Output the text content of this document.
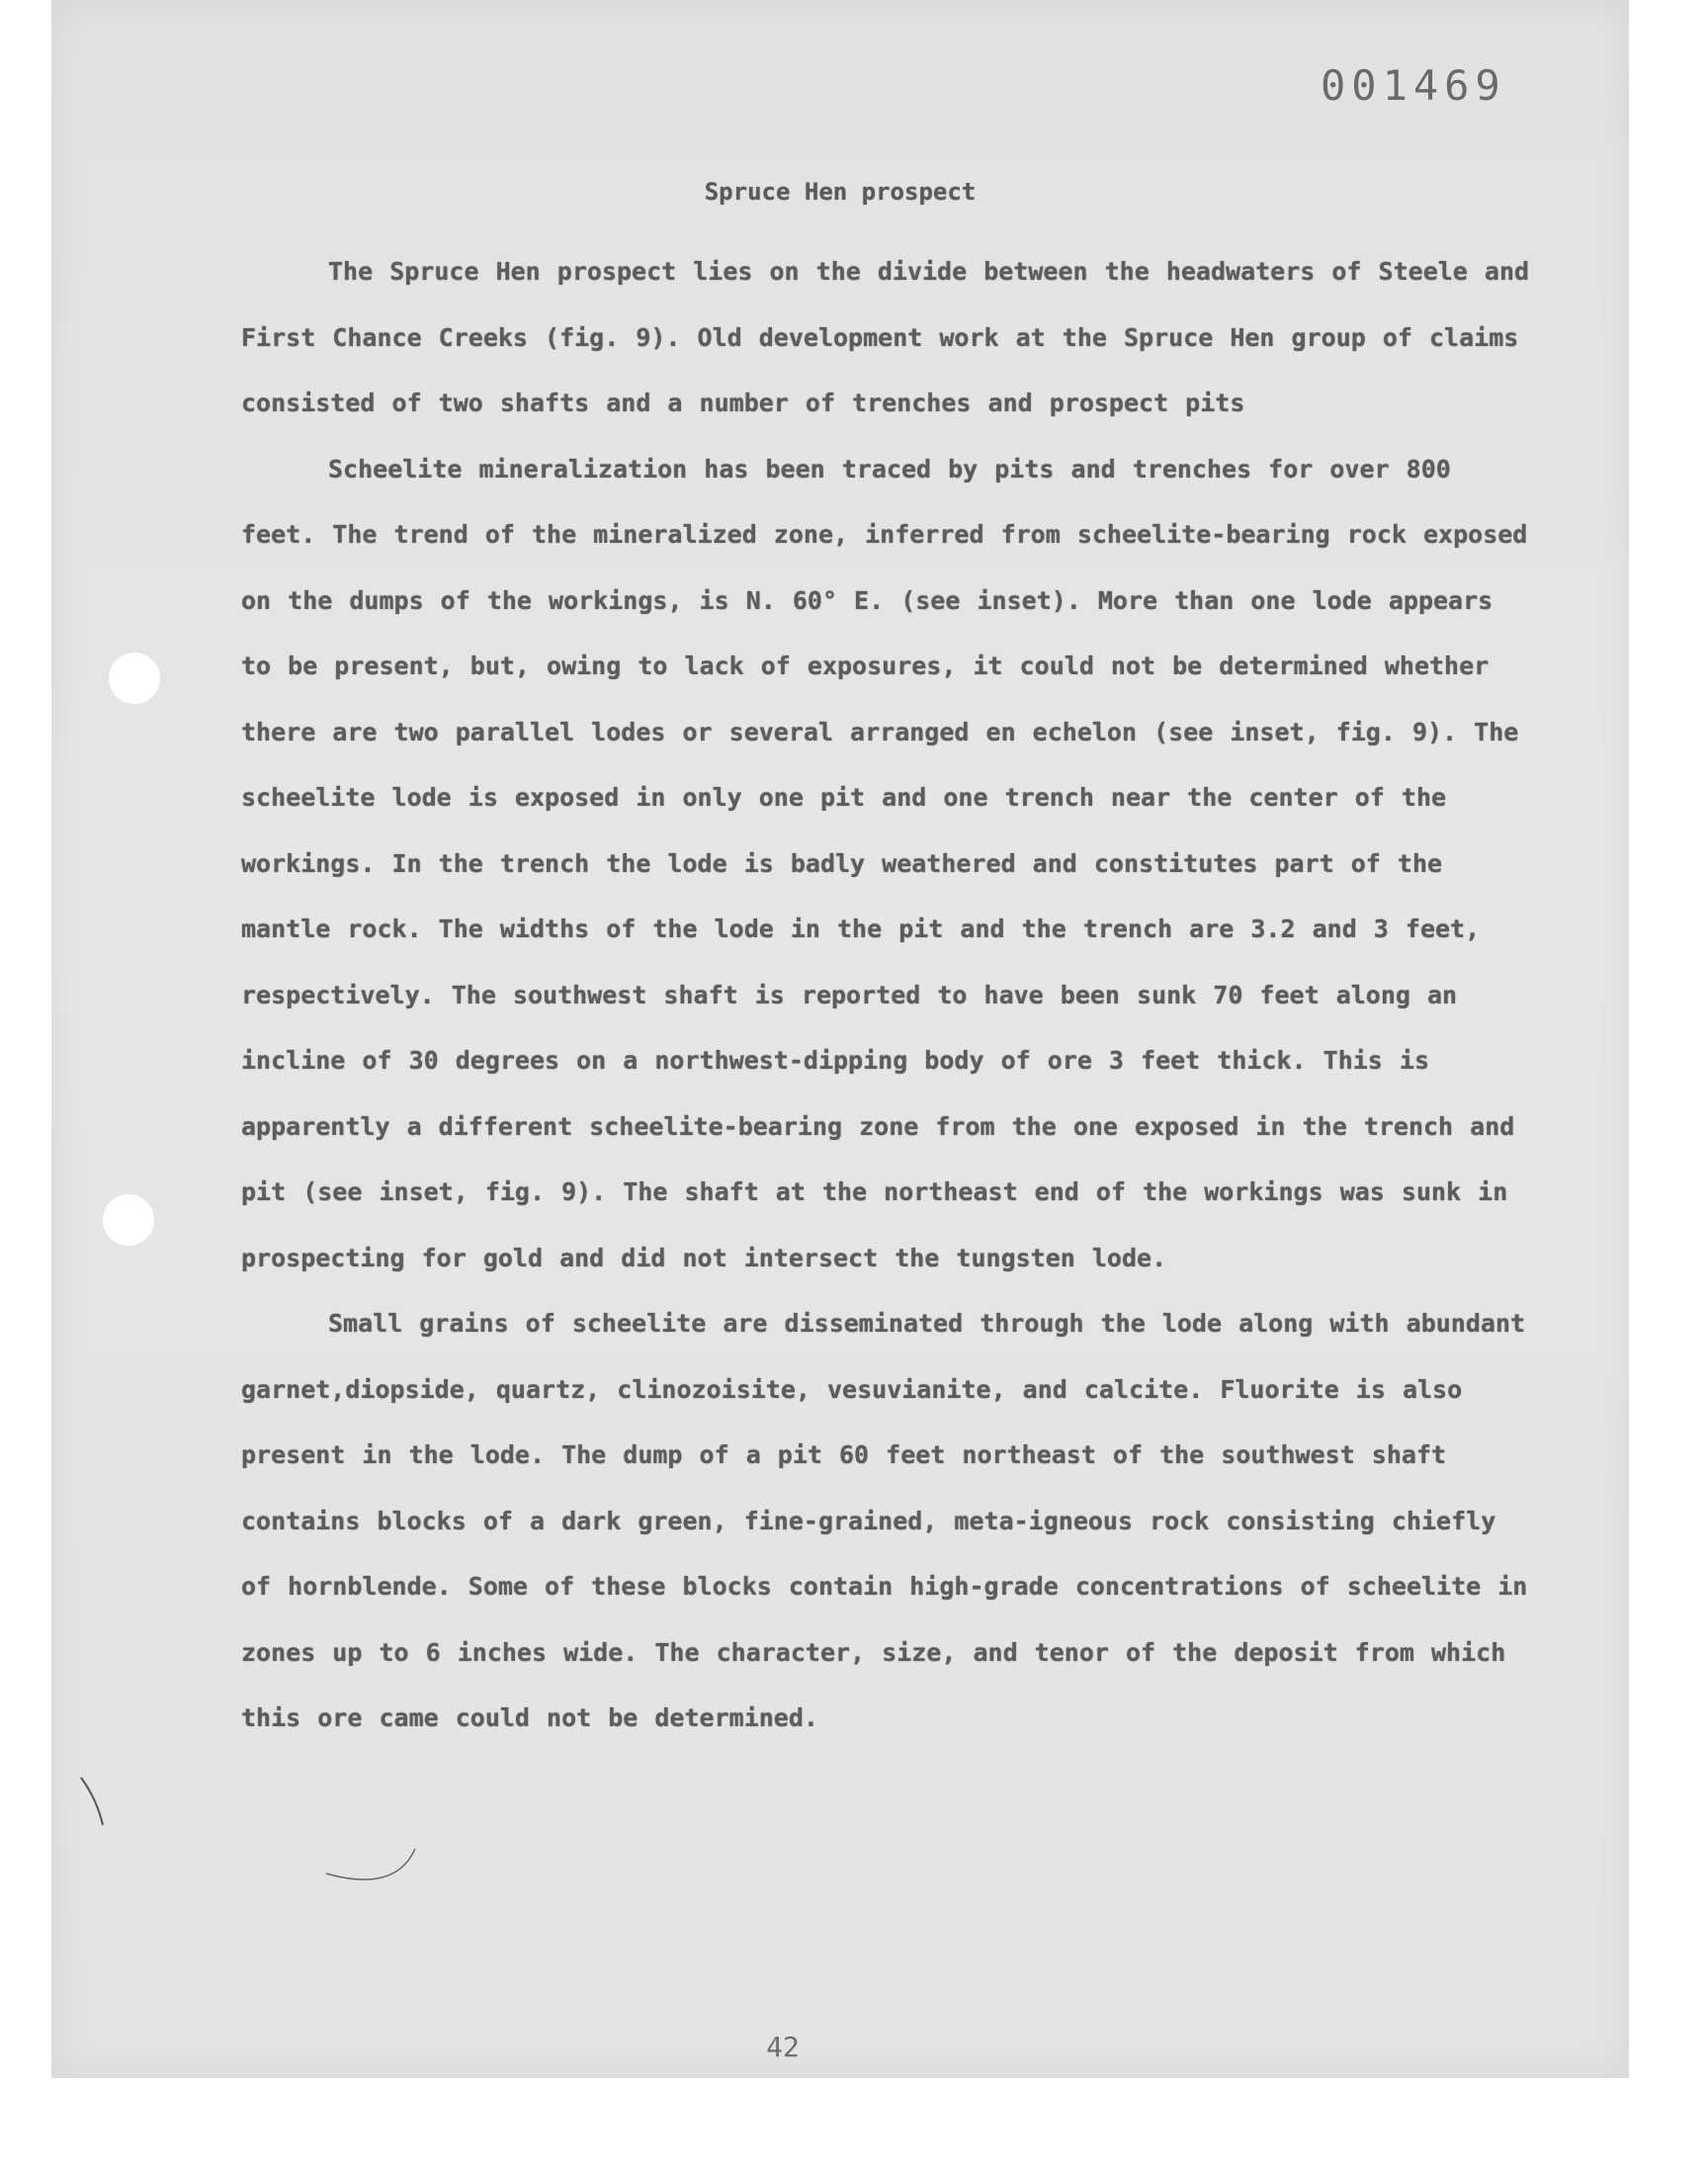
001469
Spruce Hen prospect

The Spruce Hen prospect lies on the divide between the headwaters of Steele and First Chance Creeks (fig. 9). Old development work at the Spruce Hen group of claims consisted of two shafts and a number of trenches and prospect pits

Scheelite mineralization has been traced by pits and trenches for over 800 feet. The trend of the mineralized zone, inferred from scheelite-bearing rock exposed on the dumps of the workings, is N. 60° E. (see inset). More than one lode appears to be present, but, owing to lack of exposures, it could not be determined whether there are two parallel lodes or several arranged en echelon (see inset, fig. 9). The scheelite lode is exposed in only one pit and one trench near the center of the workings. In the trench the lode is badly weathered and constitutes part of the mantle rock. The widths of the lode in the pit and the trench are 3.2 and 3 feet, respectively. The southwest shaft is reported to have been sunk 70 feet along an incline of 30 degrees on a northwest-dipping body of ore 3 feet thick. This is apparently a different scheelite-bearing zone from the one exposed in the trench and pit (see inset, fig. 9). The shaft at the northeast end of the workings was sunk in prospecting for gold and did not intersect the tungsten lode.

Small grains of scheelite are disseminated through the lode along with abundant garnet,diopside, quartz, clinozoisite, vesuvianite, and calcite. Fluorite is also present in the lode. The dump of a pit 60 feet northeast of the southwest shaft contains blocks of a dark green, fine-grained, meta-igneous rock consisting chiefly of hornblende. Some of these blocks contain high-grade concentrations of scheelite in zones up to 6 inches wide. The character, size, and tenor of the deposit from which this ore came could not be determined.

42
